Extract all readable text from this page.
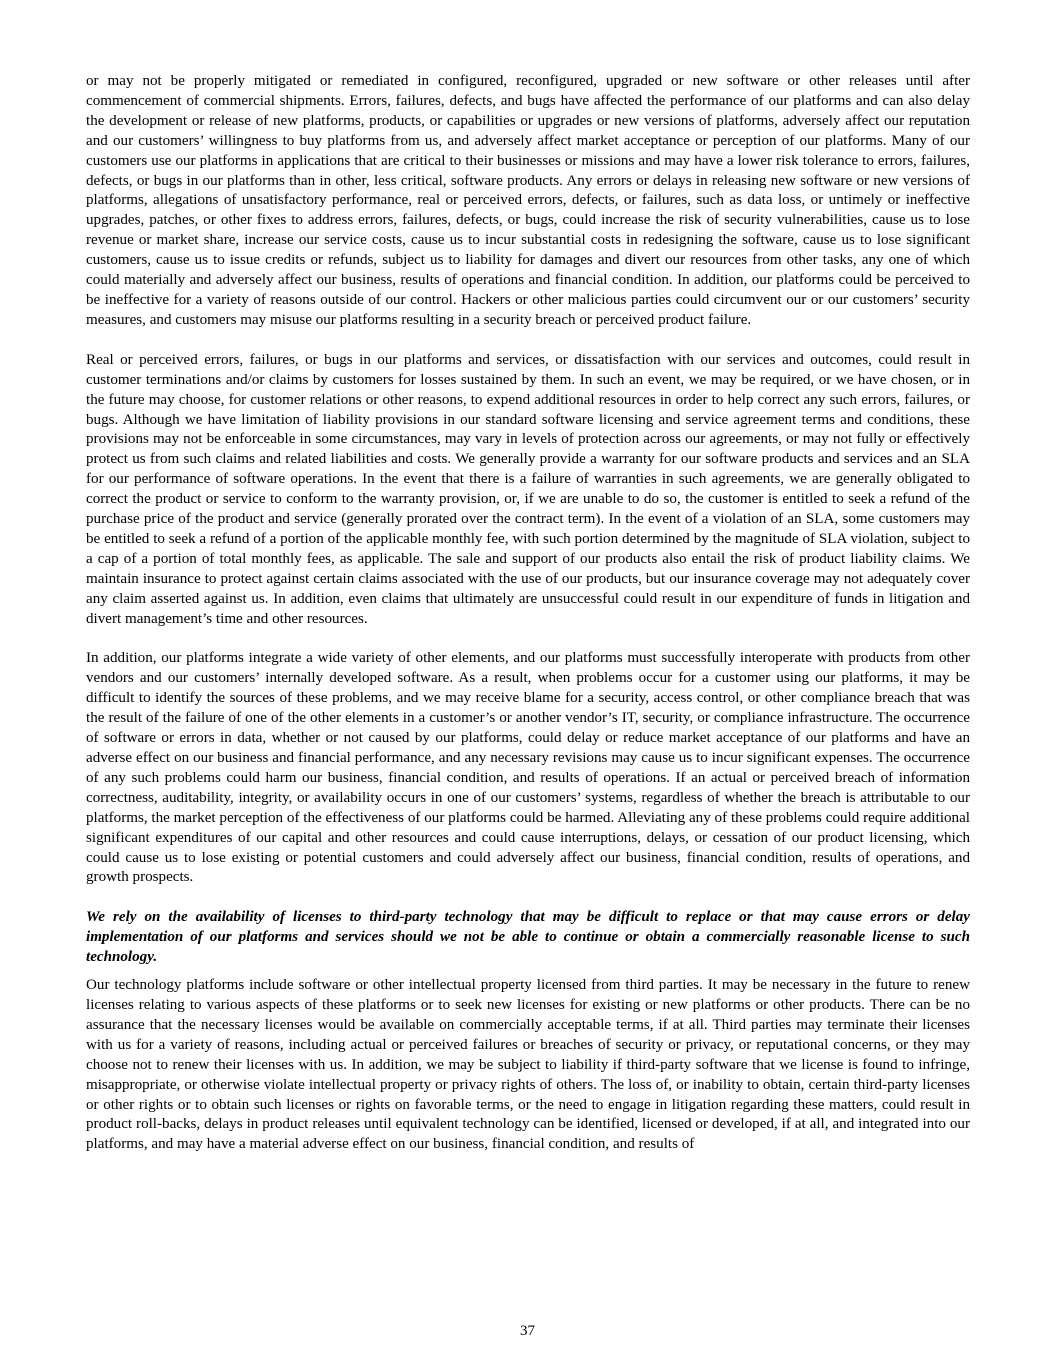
or may not be properly mitigated or remediated in configured, reconfigured, upgraded or new software or other releases until after commencement of commercial shipments. Errors, failures, defects, and bugs have affected the performance of our platforms and can also delay the development or release of new platforms, products, or capabilities or upgrades or new versions of platforms, adversely affect our reputation and our customers’ willingness to buy platforms from us, and adversely affect market acceptance or perception of our platforms. Many of our customers use our platforms in applications that are critical to their businesses or missions and may have a lower risk tolerance to errors, failures, defects, or bugs in our platforms than in other, less critical, software products. Any errors or delays in releasing new software or new versions of platforms, allegations of unsatisfactory performance, real or perceived errors, defects, or failures, such as data loss, or untimely or ineffective upgrades, patches, or other fixes to address errors, failures, defects, or bugs, could increase the risk of security vulnerabilities, cause us to lose revenue or market share, increase our service costs, cause us to incur substantial costs in redesigning the software, cause us to lose significant customers, cause us to issue credits or refunds, subject us to liability for damages and divert our resources from other tasks, any one of which could materially and adversely affect our business, results of operations and financial condition. In addition, our platforms could be perceived to be ineffective for a variety of reasons outside of our control. Hackers or other malicious parties could circumvent our or our customers’ security measures, and customers may misuse our platforms resulting in a security breach or perceived product failure.

Real or perceived errors, failures, or bugs in our platforms and services, or dissatisfaction with our services and outcomes, could result in customer terminations and/or claims by customers for losses sustained by them. In such an event, we may be required, or we have chosen, or in the future may choose, for customer relations or other reasons, to expend additional resources in order to help correct any such errors, failures, or bugs. Although we have limitation of liability provisions in our standard software licensing and service agreement terms and conditions, these provisions may not be enforceable in some circumstances, may vary in levels of protection across our agreements, or may not fully or effectively protect us from such claims and related liabilities and costs. We generally provide a warranty for our software products and services and an SLA for our performance of software operations. In the event that there is a failure of warranties in such agreements, we are generally obligated to correct the product or service to conform to the warranty provision, or, if we are unable to do so, the customer is entitled to seek a refund of the purchase price of the product and service (generally prorated over the contract term). In the event of a violation of an SLA, some customers may be entitled to seek a refund of a portion of the applicable monthly fee, with such portion determined by the magnitude of SLA violation, subject to a cap of a portion of total monthly fees, as applicable. The sale and support of our products also entail the risk of product liability claims. We maintain insurance to protect against certain claims associated with the use of our products, but our insurance coverage may not adequately cover any claim asserted against us. In addition, even claims that ultimately are unsuccessful could result in our expenditure of funds in litigation and divert management’s time and other resources.

In addition, our platforms integrate a wide variety of other elements, and our platforms must successfully interoperate with products from other vendors and our customers’ internally developed software. As a result, when problems occur for a customer using our platforms, it may be difficult to identify the sources of these problems, and we may receive blame for a security, access control, or other compliance breach that was the result of the failure of one of the other elements in a customer’s or another vendor’s IT, security, or compliance infrastructure. The occurrence of software or errors in data, whether or not caused by our platforms, could delay or reduce market acceptance of our platforms and have an adverse effect on our business and financial performance, and any necessary revisions may cause us to incur significant expenses. The occurrence of any such problems could harm our business, financial condition, and results of operations. If an actual or perceived breach of information correctness, auditability, integrity, or availability occurs in one of our customers’ systems, regardless of whether the breach is attributable to our platforms, the market perception of the effectiveness of our platforms could be harmed. Alleviating any of these problems could require additional significant expenditures of our capital and other resources and could cause interruptions, delays, or cessation of our product licensing, which could cause us to lose existing or potential customers and could adversely affect our business, financial condition, results of operations, and growth prospects.

We rely on the availability of licenses to third-party technology that may be difficult to replace or that may cause errors or delay implementation of our platforms and services should we not be able to continue or obtain a commercially reasonable license to such technology.

Our technology platforms include software or other intellectual property licensed from third parties. It may be necessary in the future to renew licenses relating to various aspects of these platforms or to seek new licenses for existing or new platforms or other products. There can be no assurance that the necessary licenses would be available on commercially acceptable terms, if at all. Third parties may terminate their licenses with us for a variety of reasons, including actual or perceived failures or breaches of security or privacy, or reputational concerns, or they may choose not to renew their licenses with us. In addition, we may be subject to liability if third-party software that we license is found to infringe, misappropriate, or otherwise violate intellectual property or privacy rights of others. The loss of, or inability to obtain, certain third-party licenses or other rights or to obtain such licenses or rights on favorable terms, or the need to engage in litigation regarding these matters, could result in product roll-backs, delays in product releases until equivalent technology can be identified, licensed or developed, if at all, and integrated into our platforms, and may have a material adverse effect on our business, financial condition, and results of

37
